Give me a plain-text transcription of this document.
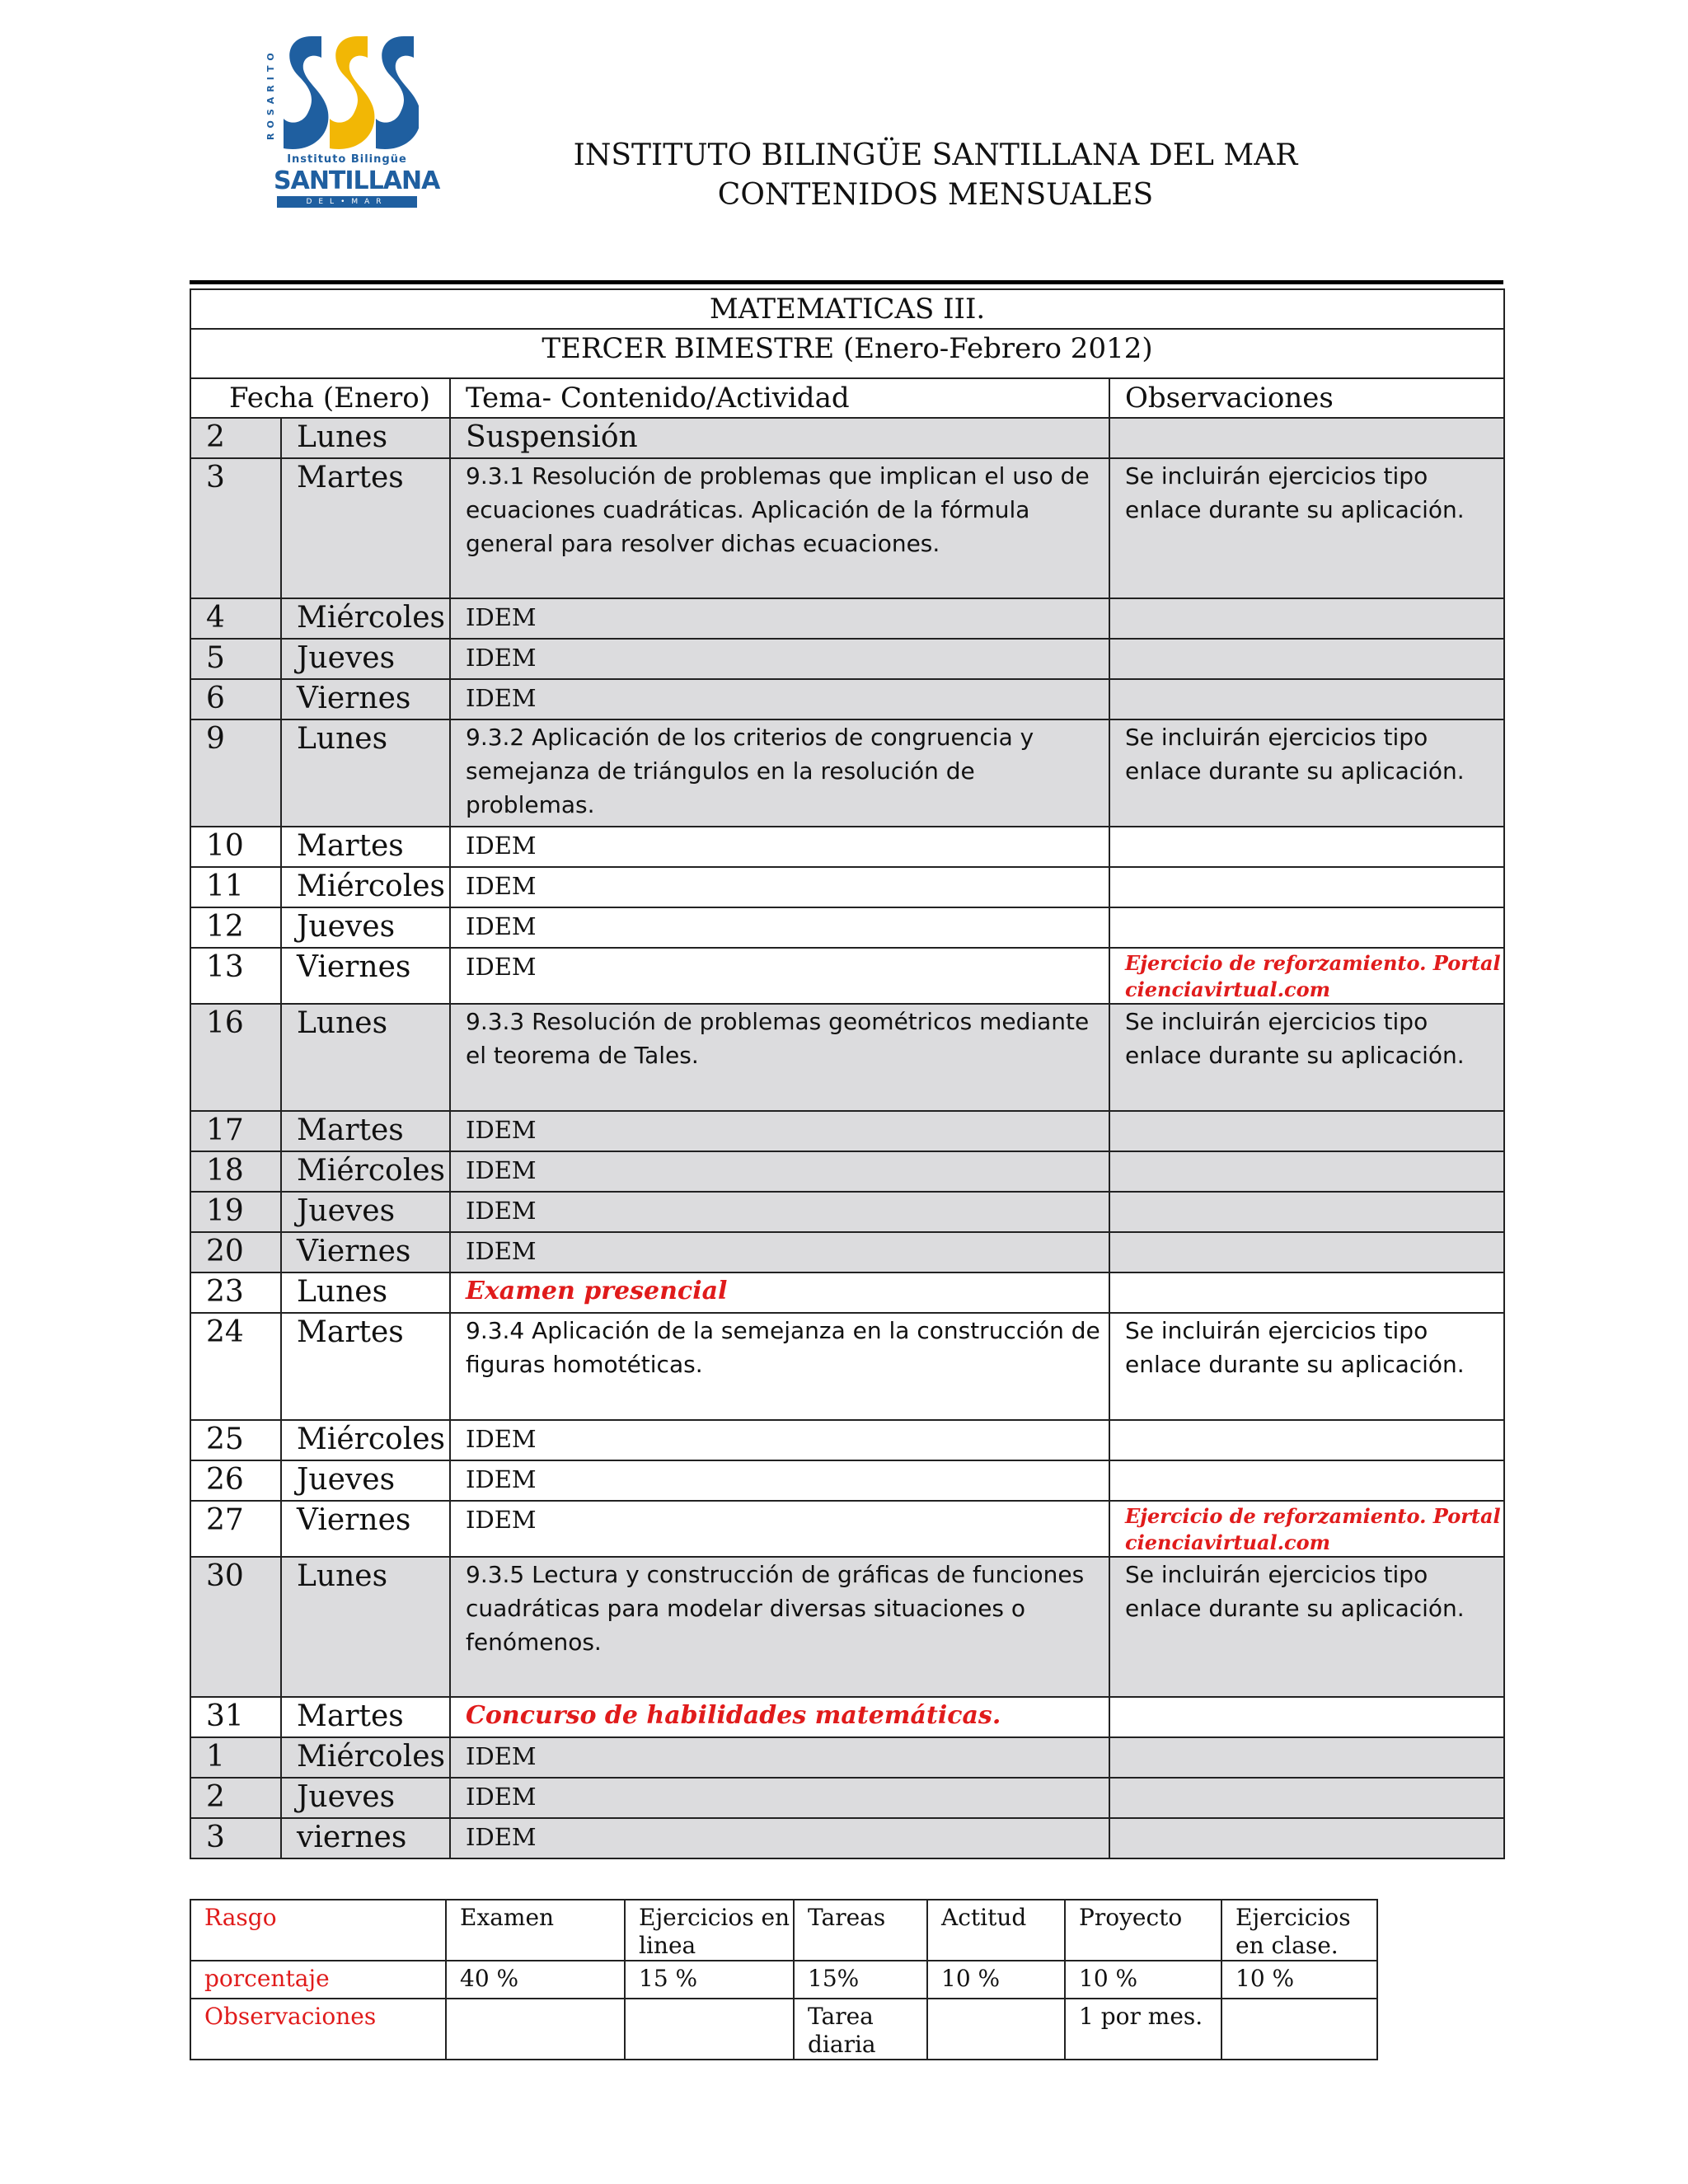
ROSARITO
Instituto Bilingüe
SANTILLANA
DEL•MAR
INSTITUTO BILINGÜE SANTILLANA DEL MAR
CONTENIDOS MENSUALES
MATEMATICAS III.			
TERCER BIMESTRE (Enero-Febrero 2012)			
Fecha (Enero)		Tema- Contenido/Actividad	Observaciones
2	Lunes	Suspensión	
3	Martes	9.3.1 Resolución de problemas que implican el uso de ecuaciones cuadráticas. Aplicación de la fórmula general para resolver dichas ecuaciones.	Se incluirán ejercicios tipo enlace durante su aplicación.
4	Miércoles	IDEM	
5	Jueves	IDEM	
6	Viernes	IDEM	
9	Lunes	9.3.2 Aplicación de los criterios de congruencia y semejanza de triángulos en la resolución de problemas.	Se incluirán ejercicios tipo enlace durante su aplicación.
10	Martes	IDEM	
11	Miércoles	IDEM	
12	Jueves	IDEM	
13	Viernes	IDEM	Ejercicio de reforzamiento. Portal cienciavirtual.com
16	Lunes	9.3.3 Resolución de problemas geométricos mediante el teorema de Tales.	Se incluirán ejercicios tipo enlace durante su aplicación.
17	Martes	IDEM	
18	Miércoles	IDEM	
19	Jueves	IDEM	
20	Viernes	IDEM	
23	Lunes	Examen presencial	
24	Martes	9.3.4 Aplicación de la semejanza en la construcción de figuras homotéticas.	Se incluirán ejercicios tipo enlace durante su aplicación.
25	Miércoles	IDEM	
26	Jueves	IDEM	
27	Viernes	IDEM	Ejercicio de reforzamiento. Portal cienciavirtual.com
30	Lunes	9.3.5 Lectura y construcción de gráficas de funciones cuadráticas para modelar diversas situaciones o fenómenos.	Se incluirán ejercicios tipo enlace durante su aplicación.
31	Martes	Concurso de habilidades matemáticas.	
1	Miércoles	IDEM	
2	Jueves	IDEM	
3	viernes	IDEM	
Rasgo	Examen	Ejercicios en linea	Tareas	Actitud	Proyecto	Ejercicios en clase.
porcentaje	40 %	15 %	15%	10 %	10 %	10 %
Observaciones			Tarea diaria		1 por mes.	
